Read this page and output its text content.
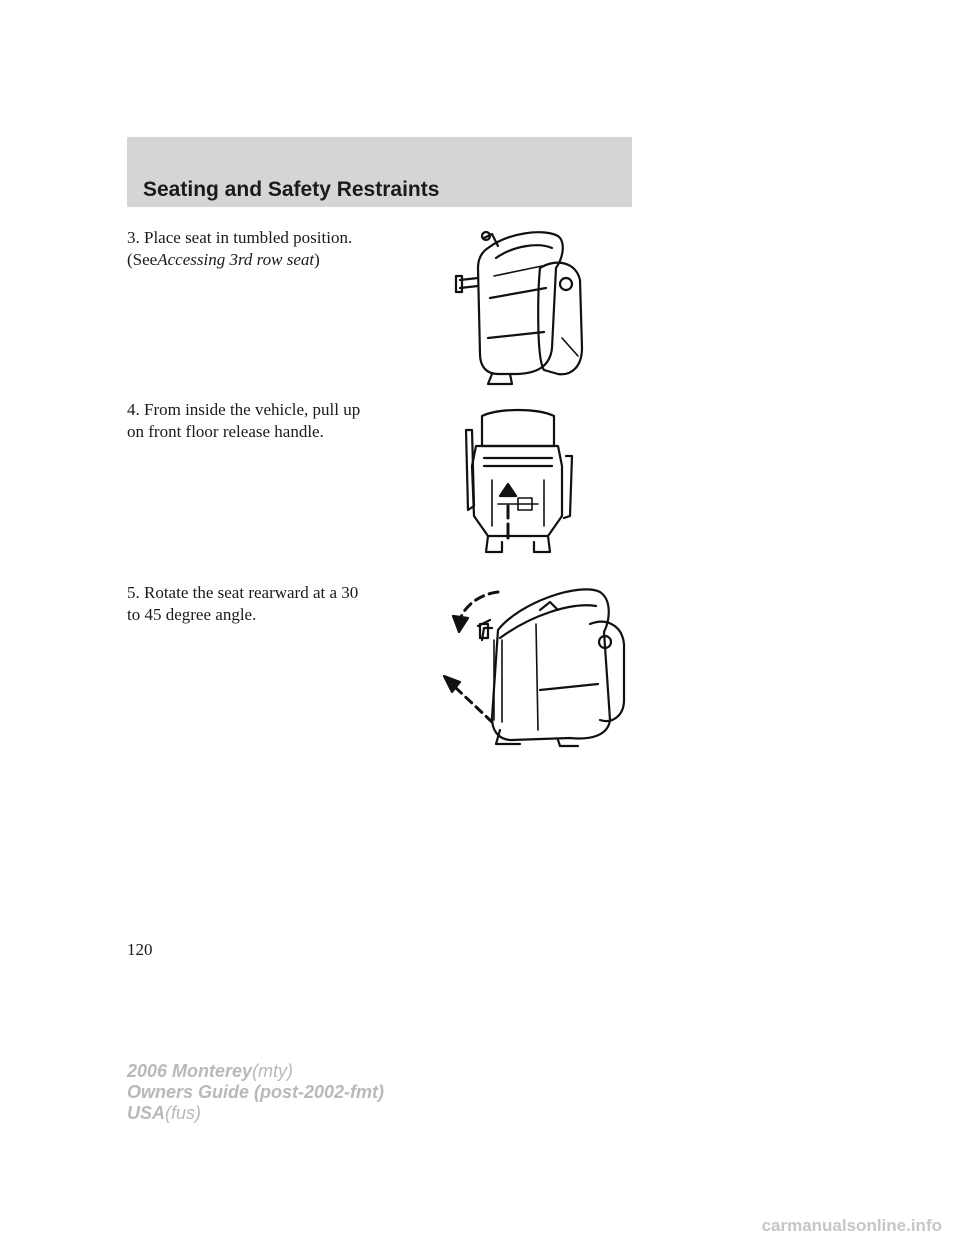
Seating and Safety Restraints

3. Place seat in tumbled position.
(SeeAccessing 3rd row seat)

4. From inside the vehicle, pull up
on front floor release handle.

5. Rotate the seat rearward at a 30
to 45 degree angle.

120
2006 Monterey(mty)
Owners Guide (post-2002-fmt)
USA(fus)
carmanualsonline.info
